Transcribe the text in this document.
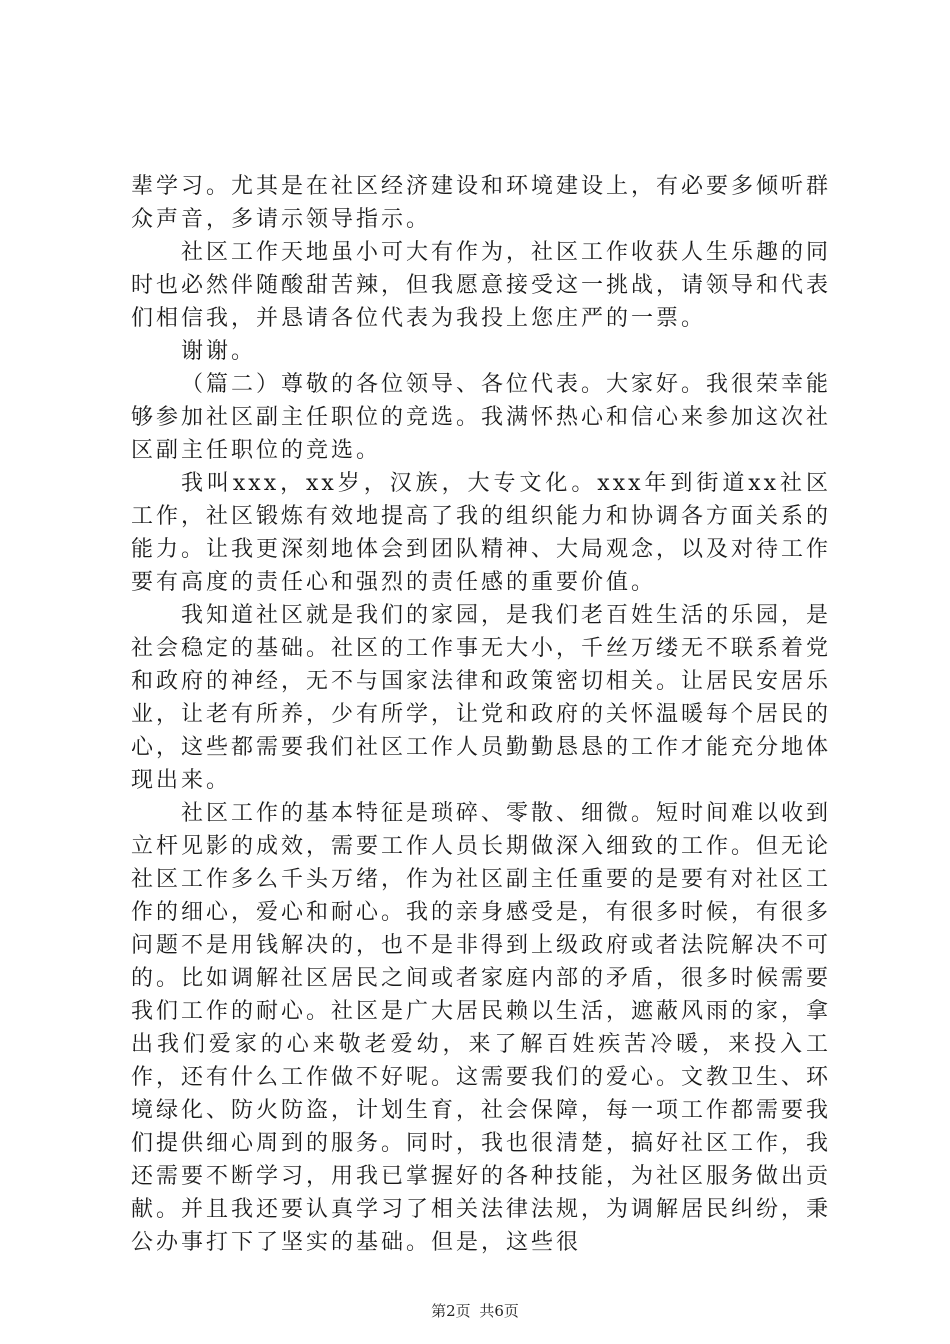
辈学习。尤其是在社区经济建设和环境建设上，有必要多倾听群众声音，多请示领导指示。

社区工作天地虽小可大有作为，社区工作收获人生乐趣的同时也必然伴随酸甜苦辣，但我愿意接受这一挑战，请领导和代表们相信我，并恳请各位代表为我投上您庄严的一票。

谢谢。

（篇二）尊敬的各位领导、各位代表。大家好。我很荣幸能够参加社区副主任职位的竞选。我满怀热心和信心来参加这次社区副主任职位的竞选。

我叫xxx，xx岁，汉族，大专文化。xxx年到街道xx社区工作，社区锻炼有效地提高了我的组织能力和协调各方面关系的能力。让我更深刻地体会到团队精神、大局观念，以及对待工作要有高度的责任心和强烈的责任感的重要价值。

我知道社区就是我们的家园，是我们老百姓生活的乐园，是社会稳定的基础。社区的工作事无大小，千丝万缕无不联系着党和政府的神经，无不与国家法律和政策密切相关。让居民安居乐业，让老有所养，少有所学，让党和政府的关怀温暖每个居民的心，这些都需要我们社区工作人员勤勤恳恳的工作才能充分地体现出来。

社区工作的基本特征是琐碎、零散、细微。短时间难以收到立杆见影的成效，需要工作人员长期做深入细致的工作。但无论社区工作多么千头万绪，作为社区副主任重要的是要有对社区工作的细心，爱心和耐心。我的亲身感受是，有很多时候，有很多问题不是用钱解决的，也不是非得到上级政府或者法院解决不可的。比如调解社区居民之间或者家庭内部的矛盾，很多时候需要我们工作的耐心。社区是广大居民赖以生活，遮蔽风雨的家，拿出我们爱家的心来敬老爱幼，来了解百姓疾苦冷暖，来投入工作，还有什么工作做不好呢。这需要我们的爱心。文教卫生、环境绿化、防火防盗，计划生育，社会保障，每一项工作都需要我们提供细心周到的服务。同时，我也很清楚，搞好社区工作，我还需要不断学习，用我已掌握好的各种技能，为社区服务做出贡献。并且我还要认真学习了相关法律法规，为调解居民纠纷，秉公办事打下了坚实的基础。但是，这些很

第2页 共6页
